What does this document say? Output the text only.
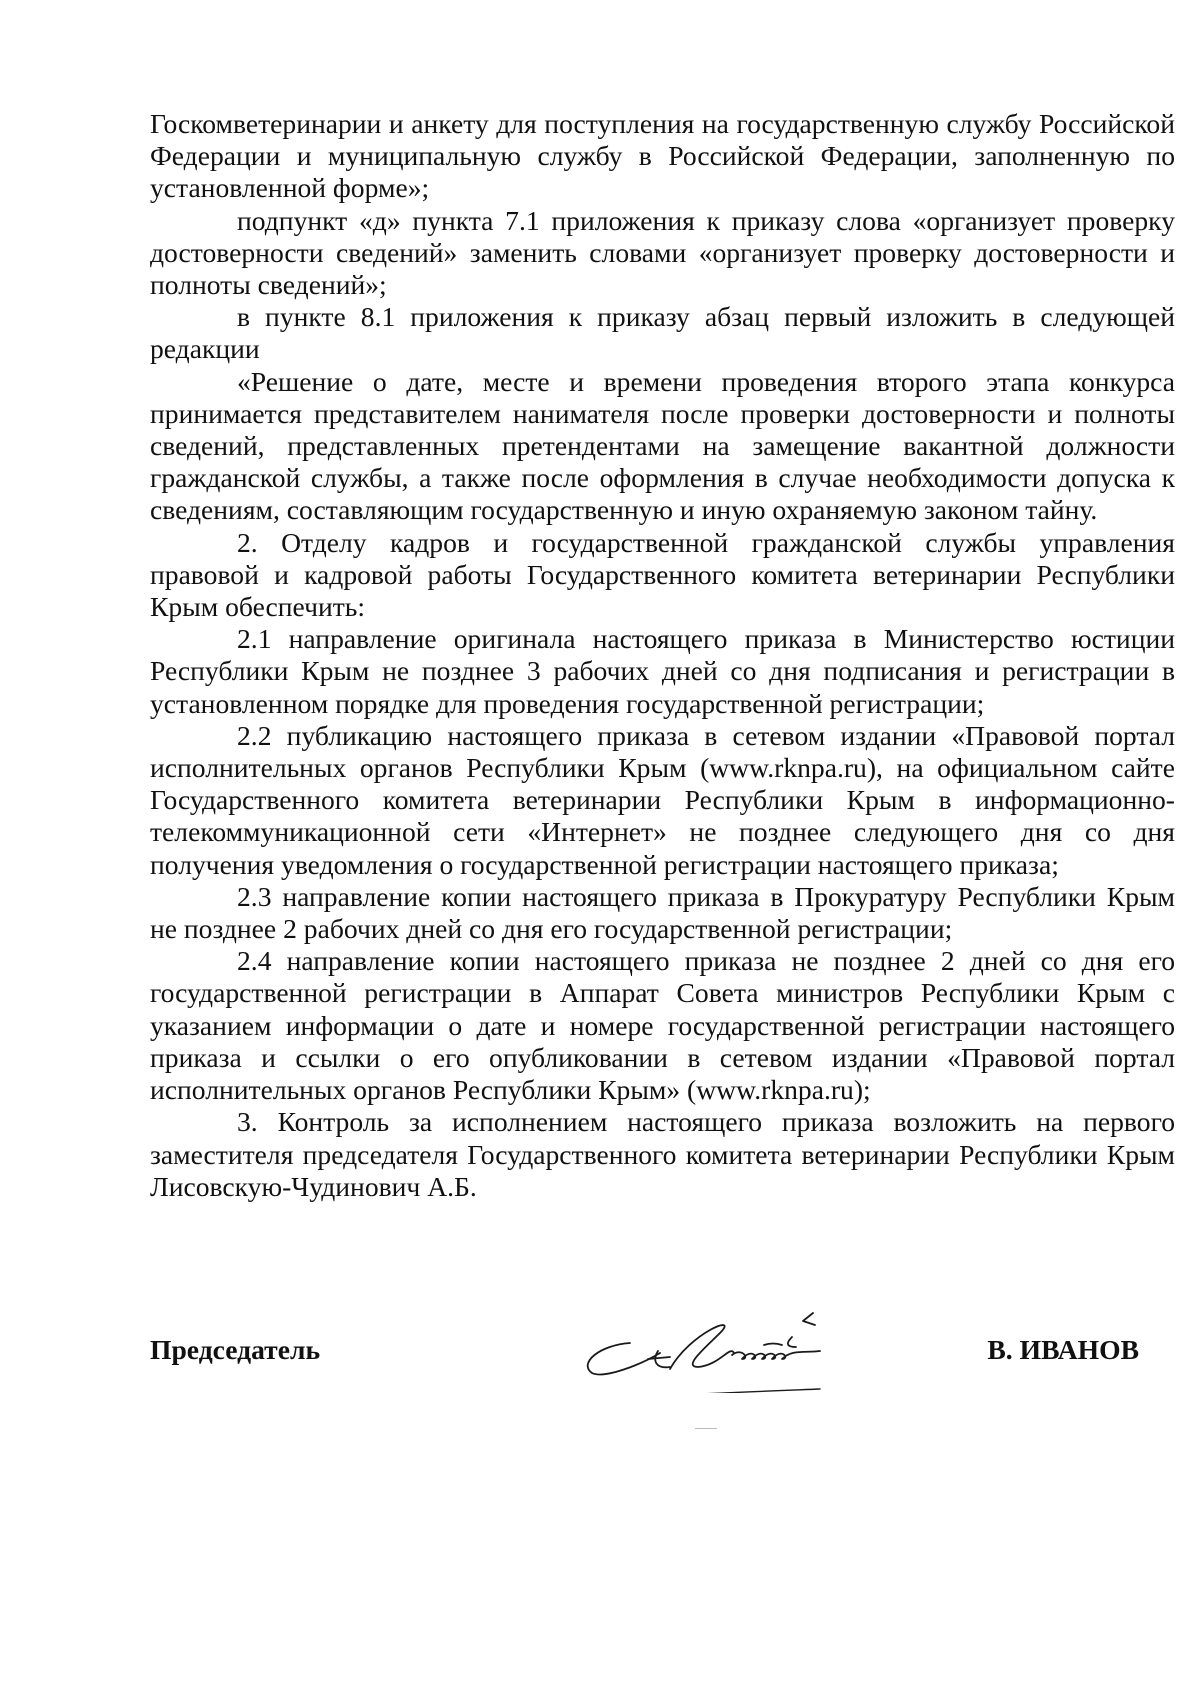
Госкомветеринарии и анкету для поступления на государственную службу Российской Федерации и муниципальную службу в Российской Федерации, заполненную по установленной форме»;

подпункт «д» пункта 7.1 приложения к приказу слова «организует проверку достоверности сведений» заменить словами «организует проверку достоверности и полноты сведений»;

в пункте 8.1 приложения к приказу абзац первый изложить в следующей редакции

«Решение о дате, месте и времени проведения второго этапа конкурса принимается представителем нанимателя после проверки достоверности и полноты сведений, представленных претендентами на замещение вакантной должности гражданской службы, а также после оформления в случае необходимости допуска к сведениям, составляющим государственную и иную охраняемую законом тайну.

2. Отделу кадров и государственной гражданской службы управления правовой и кадровой работы Государственного комитета ветеринарии Республики Крым обеспечить:

2.1 направление оригинала настоящего приказа в Министерство юстиции Республики Крым не позднее 3 рабочих дней со дня подписания и регистрации в установленном порядке для проведения государственной регистрации;

2.2 публикацию настоящего приказа в сетевом издании «Правовой портал исполнительных органов Республики Крым (www.rknpa.ru), на официальном сайте Государственного комитета ветеринарии Республики Крым в информационно-телекоммуникационной сети «Интернет» не позднее следующего дня со дня получения уведомления о государственной регистрации настоящего приказа;

2.3 направление копии настоящего приказа в Прокуратуру Республики Крым не позднее 2 рабочих дней со дня его государственной регистрации;

2.4 направление копии настоящего приказа не позднее 2 дней со дня его государственной регистрации в Аппарат Совета министров Республики Крым с указанием информации о дате и номере государственной регистрации настоящего приказа и ссылки о его опубликовании в сетевом издании «Правовой портал исполнительных органов Республики Крым» (www.rknpa.ru);

3. Контроль за исполнением настоящего приказа возложить на первого заместителя председателя Государственного комитета ветеринарии Республики Крым Лисовскую-Чудинович А.Б.

Председатель	В. ИВАНОВ
